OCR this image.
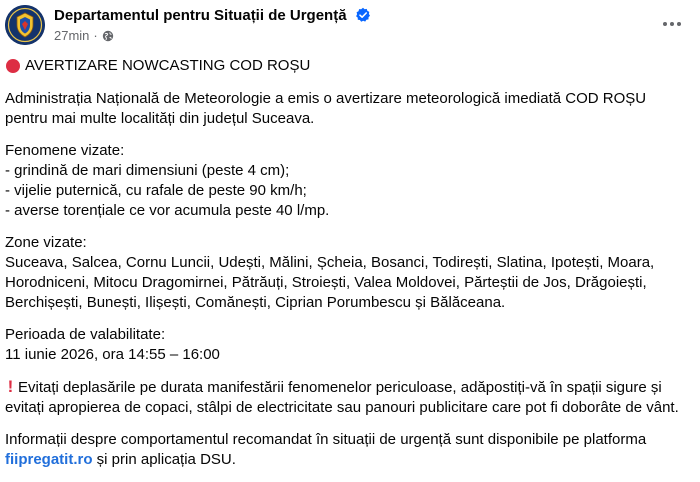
Departamentul pentru Situații de Urgență
27min ·

AVERTIZARE NOWCASTING COD ROȘU

Administrația Națională de Meteorologie a emis o avertizare meteorologică imediată COD ROȘU
pentru mai multe localități din județul Suceava.

Fenomene vizate:
- grindină de mari dimensiuni (peste 4 cm);
- vijelie puternică, cu rafale de peste 90 km/h;
- averse torențiale ce vor acumula peste 40 l/mp.

Zone vizate:
Suceava, Salcea, Cornu Luncii, Udești, Mălini, Șcheia, Bosanci, Todirești, Slatina, Ipotești, Moara,
Horodniceni, Mitocu Dragomirnei, Pătrăuți, Stroiești, Valea Moldovei, Părteștii de Jos, Drăgoiești,
Berchișești, Bunești, Ilișești, Comănești, Ciprian Porumbescu și Bălăceana.

Perioada de valabilitate:
11 iunie 2026, ora 14:55 – 16:00

! Evitați deplasările pe durata manifestării fenomenelor periculoase, adăpostiți-vă în spații sigure și
evitați apropierea de copaci, stâlpi de electricitate sau panouri publicitare care pot fi doborâte de vânt.

Informații despre comportamentul recomandat în situații de urgență sunt disponibile pe platforma
fiipregatit.ro și prin aplicația DSU.
